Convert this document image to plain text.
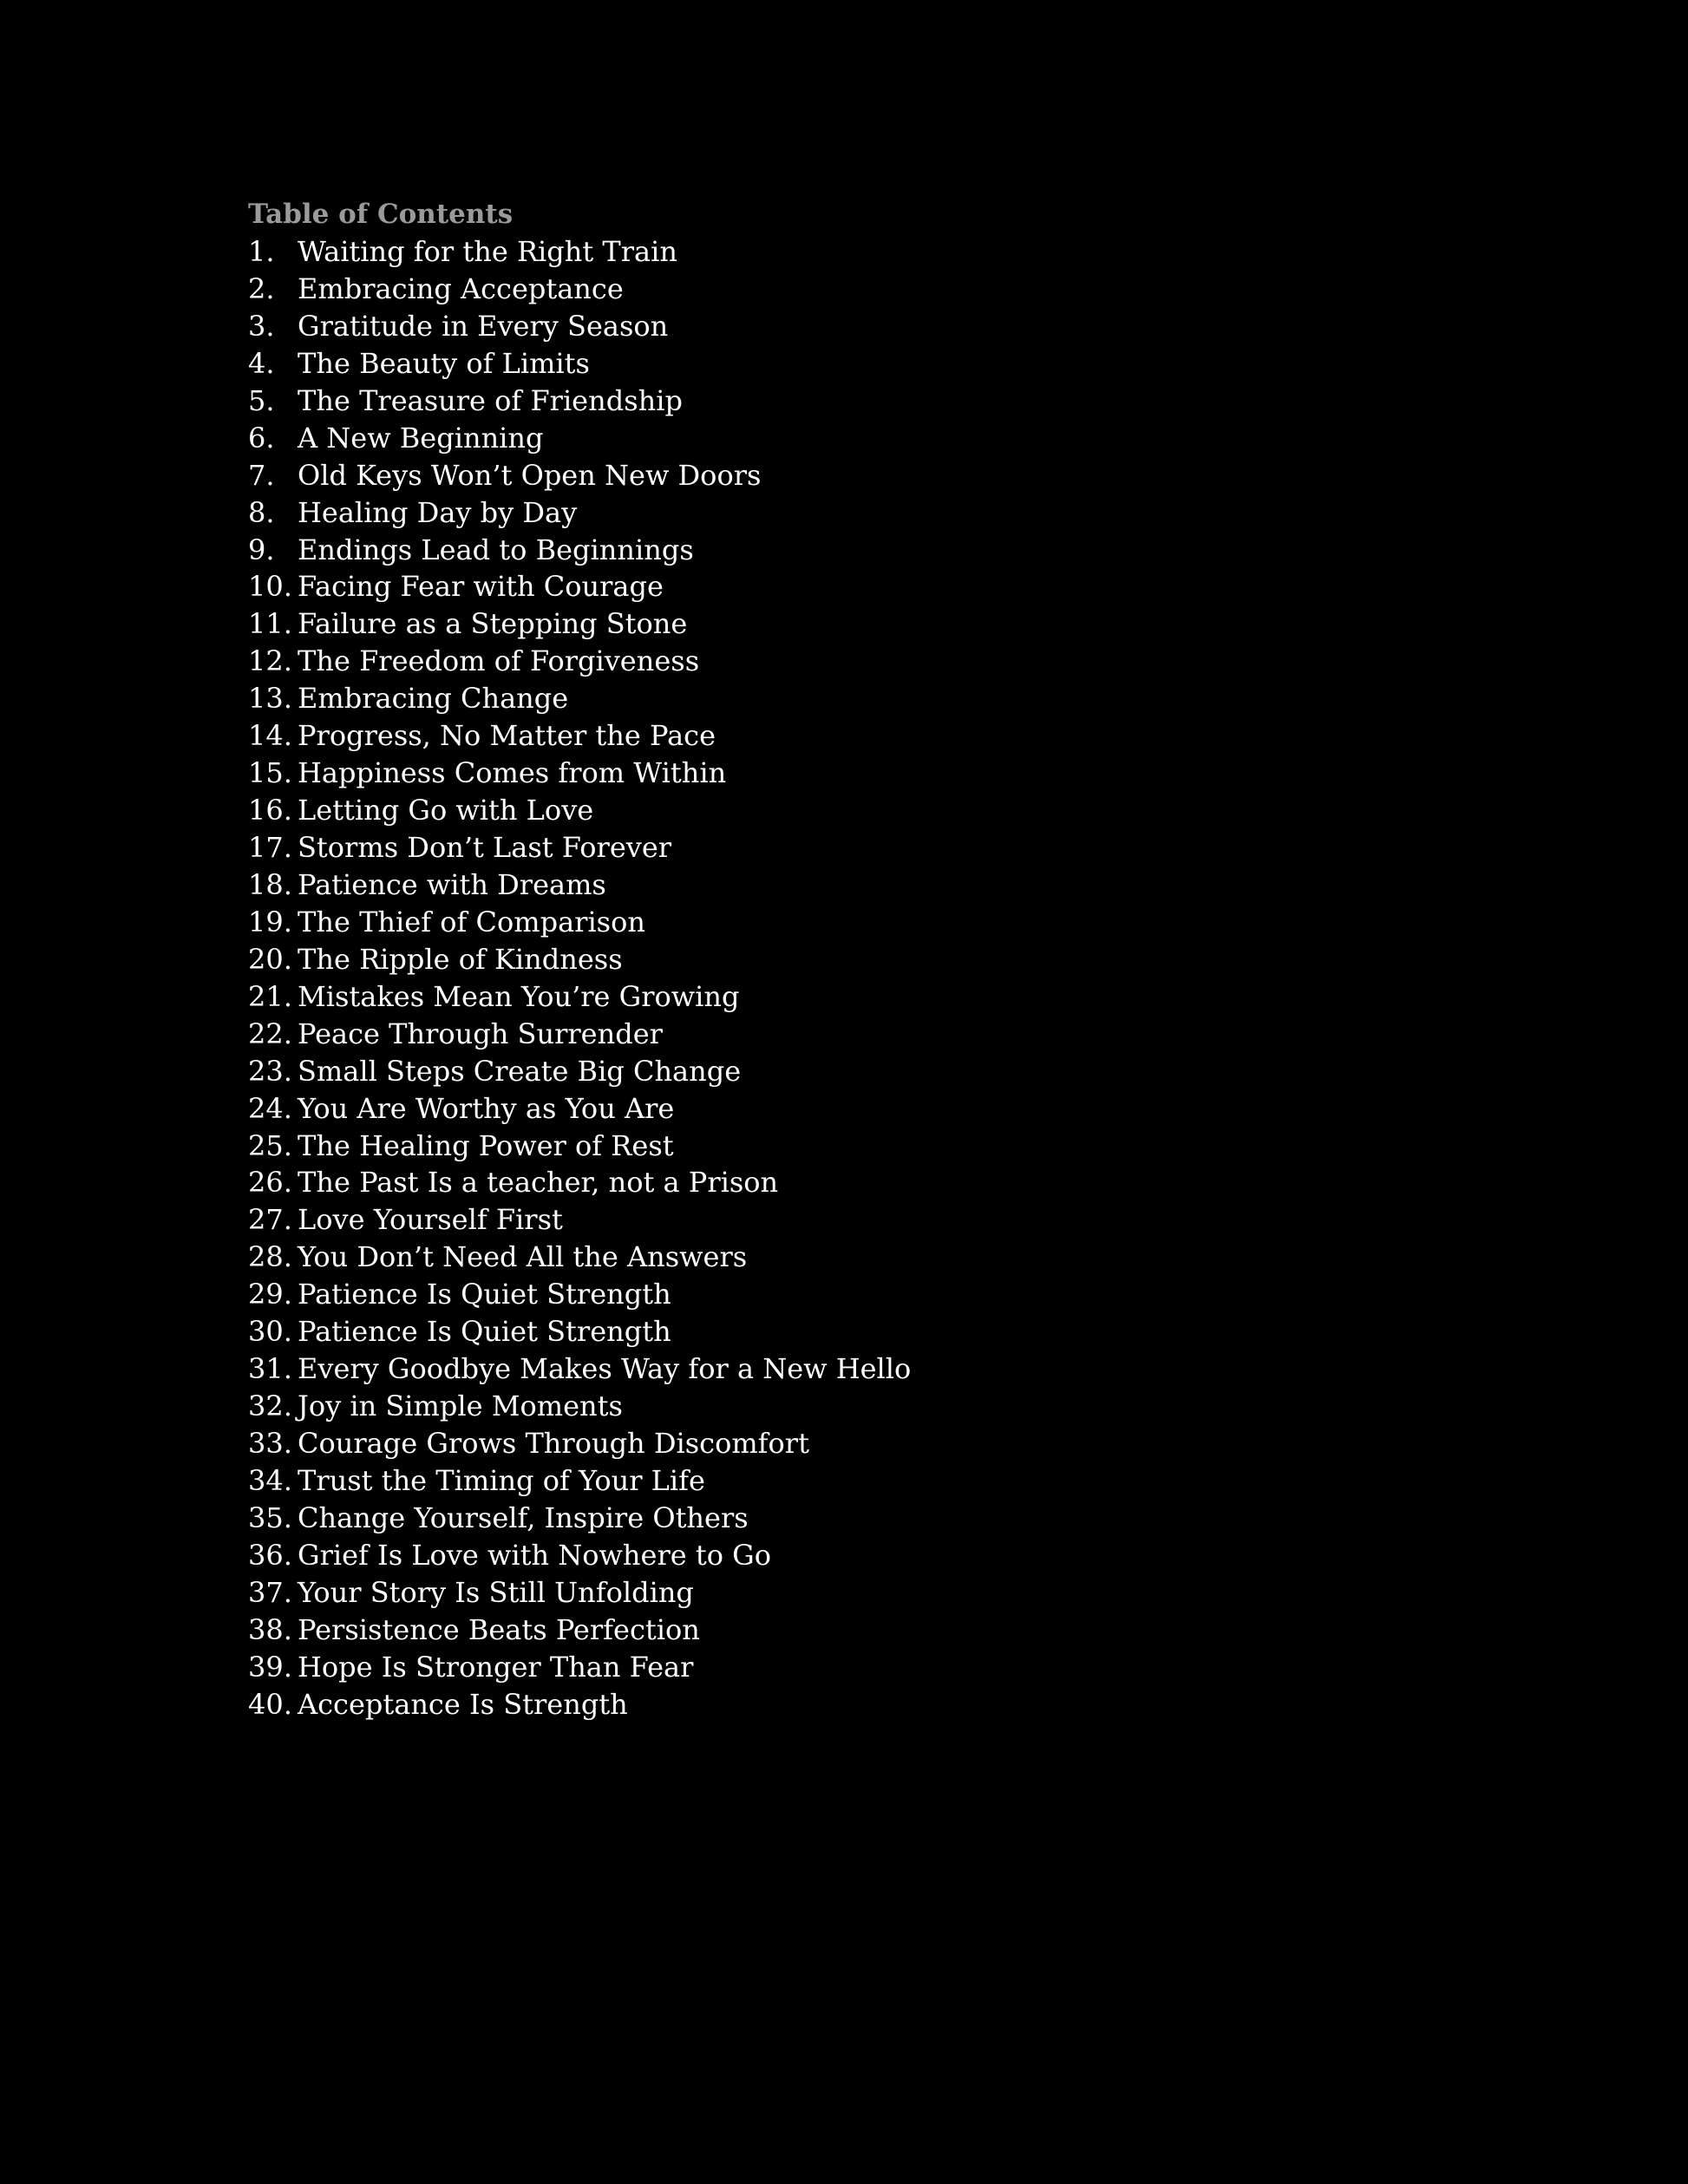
Table of Contents
1. Waiting for the Right Train
2. Embracing Acceptance
3. Gratitude in Every Season
4. The Beauty of Limits
5. The Treasure of Friendship
6. A New Beginning
7. Old Keys Won’t Open New Doors
8. Healing Day by Day
9. Endings Lead to Beginnings
10. Facing Fear with Courage
11. Failure as a Stepping Stone
12. The Freedom of Forgiveness
13. Embracing Change
14. Progress, No Matter the Pace
15. Happiness Comes from Within
16. Letting Go with Love
17. Storms Don’t Last Forever
18. Patience with Dreams
19. The Thief of Comparison
20. The Ripple of Kindness
21. Mistakes Mean You’re Growing
22. Peace Through Surrender
23. Small Steps Create Big Change
24. You Are Worthy as You Are
25. The Healing Power of Rest
26. The Past Is a teacher, not a Prison
27. Love Yourself First
28. You Don’t Need All the Answers
29. Patience Is Quiet Strength
30. Patience Is Quiet Strength
31. Every Goodbye Makes Way for a New Hello
32. Joy in Simple Moments
33. Courage Grows Through Discomfort
34. Trust the Timing of Your Life
35. Change Yourself, Inspire Others
36. Grief Is Love with Nowhere to Go
37. Your Story Is Still Unfolding
38. Persistence Beats Perfection
39. Hope Is Stronger Than Fear
40. Acceptance Is Strength
